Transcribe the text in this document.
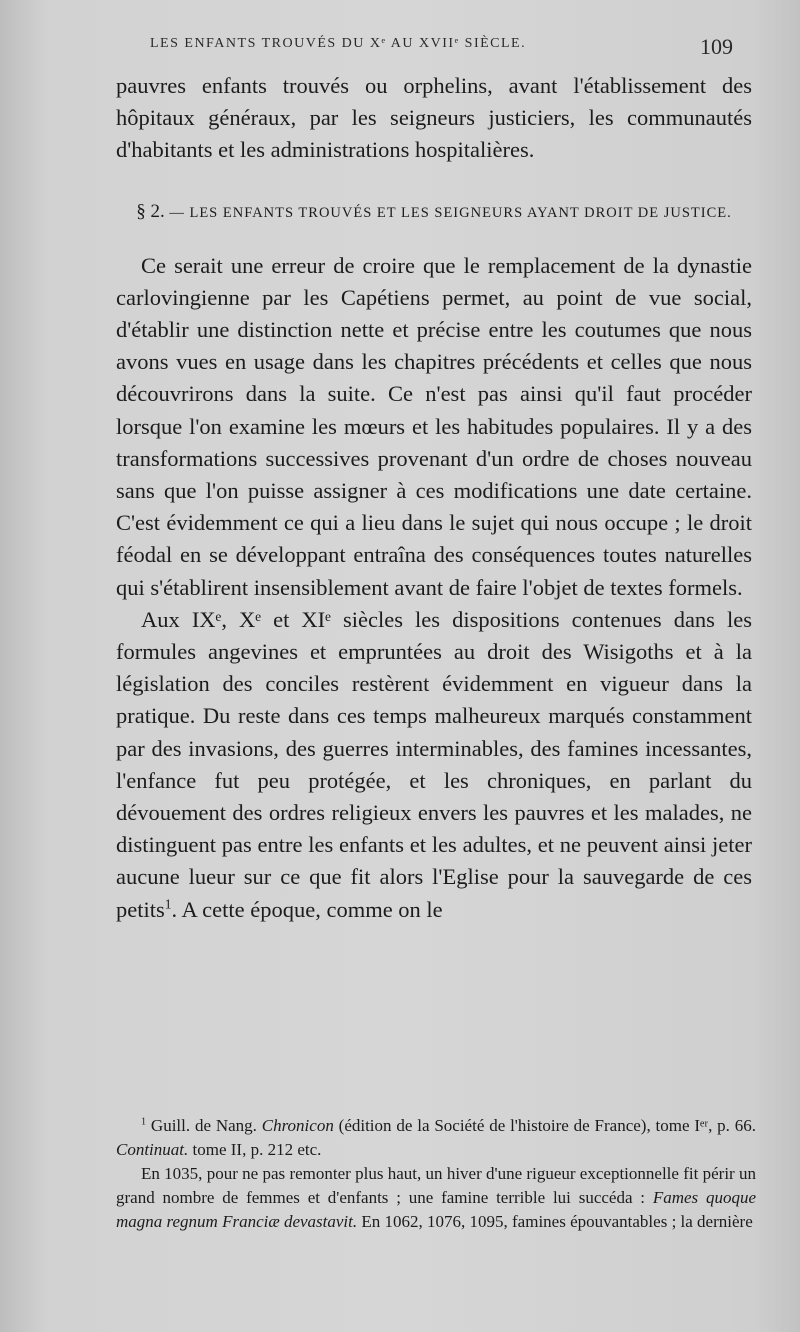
LES ENFANTS TROUVÉS DU Xᵉ AU XVIIᵉ SIÈCLE.	109

pauvres enfants trouvés ou orphelins, avant l'établissement des hôpitaux généraux, par les seigneurs justiciers, les communautés d'habitants et les administrations hospitalières.

§ 2. — LES ENFANTS TROUVÉS ET LES SEIGNEURS AYANT DROIT DE JUSTICE.

Ce serait une erreur de croire que le remplacement de la dynastie carlovingienne par les Capétiens permet, au point de vue social, d'établir une distinction nette et précise entre les coutumes que nous avons vues en usage dans les chapitres précédents et celles que nous découvrirons dans la suite. Ce n'est pas ainsi qu'il faut procéder lorsque l'on examine les mœurs et les habitudes populaires. Il y a des transformations successives provenant d'un ordre de choses nouveau sans que l'on puisse assigner à ces modifications une date certaine. C'est évidemment ce qui a lieu dans le sujet qui nous occupe ; le droit féodal en se développant entraîna des conséquences toutes naturelles qui s'établirent insensiblement avant de faire l'objet de textes formels.

Aux IXᵉ, Xᵉ et XIᵉ siècles les dispositions contenues dans les formules angevines et empruntées au droit des Wisigoths et à la législation des conciles restèrent évidemment en vigueur dans la pratique. Du reste dans ces temps malheureux marqués constamment par des invasions, des guerres interminables, des famines incessantes, l'enfance fut peu protégée, et les chroniques, en parlant du dévouement des ordres religieux envers les pauvres et les malades, ne distinguent pas entre les enfants et les adultes, et ne peuvent ainsi jeter aucune lueur sur ce que fit alors l'Eglise pour la sauvegarde de ces petits$^1$. A cette époque, comme on le

$^1$ Guill. de Nang. Chronicon (édition de la Société de l'histoire de France), tome Iᵉʳ, p. 66. Continuat. tome II, p. 212 etc.

En 1035, pour ne pas remonter plus haut, un hiver d'une rigueur exceptionnelle fit périr un grand nombre de femmes et d'enfants ; une famine terrible lui succéda : Fames quoque magna regnum Franciæ devastavit. En 1062, 1076, 1095, famines épouvantables ; la dernière
